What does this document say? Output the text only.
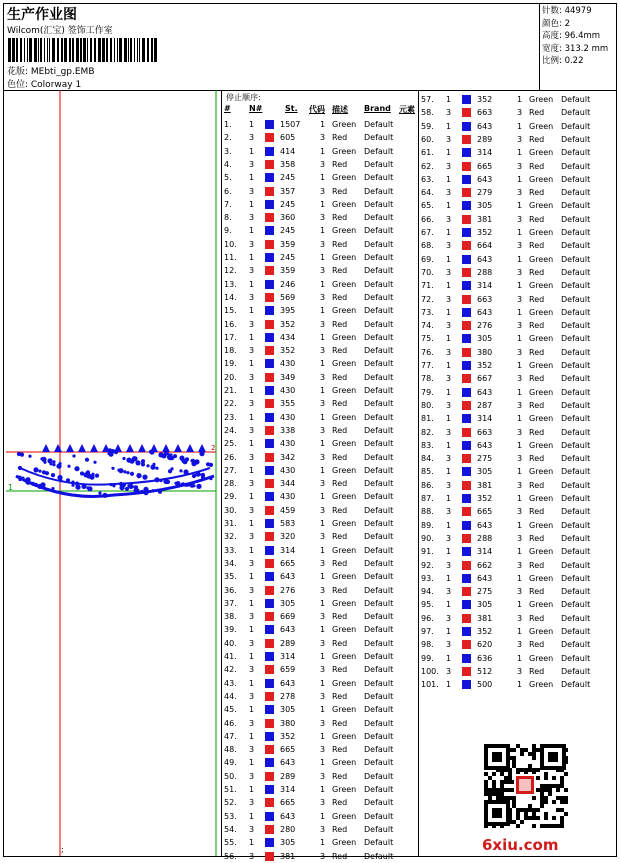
生产作业图
Wilcom(汇宝) 签饰工作室
花版: MEbti_gp.EMB
色位: Colorway 1
针数: 44979
颜色: 2
高度: 96.4mm
宽度: 313.2 mm
比例: 0.22
1
2
;
停止顺序:
# N#	St. 代码 描述 Brand 元素
1. 1	1507 1 Green Default
2. 3	605	3 Red Default
3. 1	414	1 Green Default
4. 3	358	3 Red Default
5. 1	245	1 Green Default
6. 3	357	3 Red Default
7. 1	245	1 Green Default
8. 3	360	3 Red Default
9. 1	245	1 Green Default
10. 3	359	3 Red Default
11. 1	245	1 Green Default
12. 3	359	3 Red Default
13. 1	246	1 Green Default
14. 3	569	3 Red Default
15. 1	395	1 Green Default
16. 3	352	3 Red Default
17. 1	434	1 Green Default
18. 3	352	3 Red Default
19. 1	430	1 Green Default
20. 3	349	3 Red Default
21. 1	430	1 Green Default
22. 3	355	3 Red Default
23. 1	430	1 Green Default
24. 3	338	3 Red Default
25. 1	430	1 Green Default
26. 3	342	3 Red Default
27. 1	430	1 Green Default
28. 3	344	3 Red Default
29. 1	430	1 Green Default
30. 3	459	3 Red Default
31. 1	583	1 Green Default
32. 3	320	3 Red Default
33. 1	314	1 Green Default
34. 3	665	3 Red Default
35. 1	643	1 Green Default
36. 3	276	3 Red Default
37. 1	305	1 Green Default
38. 3	669	3 Red Default
39. 1	643	1 Green Default
40. 3	289	3 Red Default
41. 1	314	1 Green Default
42. 3	659	3 Red Default
43. 1	643	1 Green Default
44. 3	278	3 Red Default
45. 1	305	1 Green Default
46. 3	380	3 Red Default
47. 1	352	1 Green Default
48. 3	665	3 Red Default
49. 1	643	1 Green Default
50. 3	289	3 Red Default
51. 1	314	1 Green Default
52. 3	665	3 Red Default
53. 1	643	1 Green Default
54. 3	280	3 Red Default
55. 1	305	1 Green Default
56. 3	381	3 Red Default
57. 1	352	1 Green Default
58. 3	663	3 Red Default
59. 1	643	1 Green Default
60. 3	289	3 Red Default
61. 1	314	1 Green Default
62. 3	665	3 Red Default
63. 1	643	1 Green Default
64. 3	279	3 Red Default
65. 1	305	1 Green Default
66. 3	381	3 Red Default
67. 1	352	1 Green Default
68. 3	664	3 Red Default
69. 1	643	1 Green Default
70. 3	288	3 Red Default
71. 1	314	1 Green Default
72. 3	663	3 Red Default
73. 1	643	1 Green Default
74. 3	276	3 Red Default
75. 1	305	1 Green Default
76. 3	380	3 Red Default
77. 1	352	1 Green Default
78. 3	667	3 Red Default
79. 1	643	1 Green Default
80. 3	287	3 Red Default
81. 1	314	1 Green Default
82. 3	663	3 Red Default
83. 1	643	1 Green Default
84. 3	275	3 Red Default
85. 1	305	1 Green Default
86. 3	381	3 Red Default
87. 1	352	1 Green Default
88. 3	665	3 Red Default
89. 1	643	1 Green Default
90. 3	288	3 Red Default
91. 1	314	1 Green Default
92. 3	662	3 Red Default
93. 1	643	1 Green Default
94. 3	275	3 Red Default
95. 1	305	1 Green Default
96. 3	381	3 Red Default
97. 1	352	1 Green Default
98. 3	620	3 Red Default
99. 1	636	1 Green Default
100. 3	512	3 Red Default
101. 1	500	1 Green Default
6xiu.com
